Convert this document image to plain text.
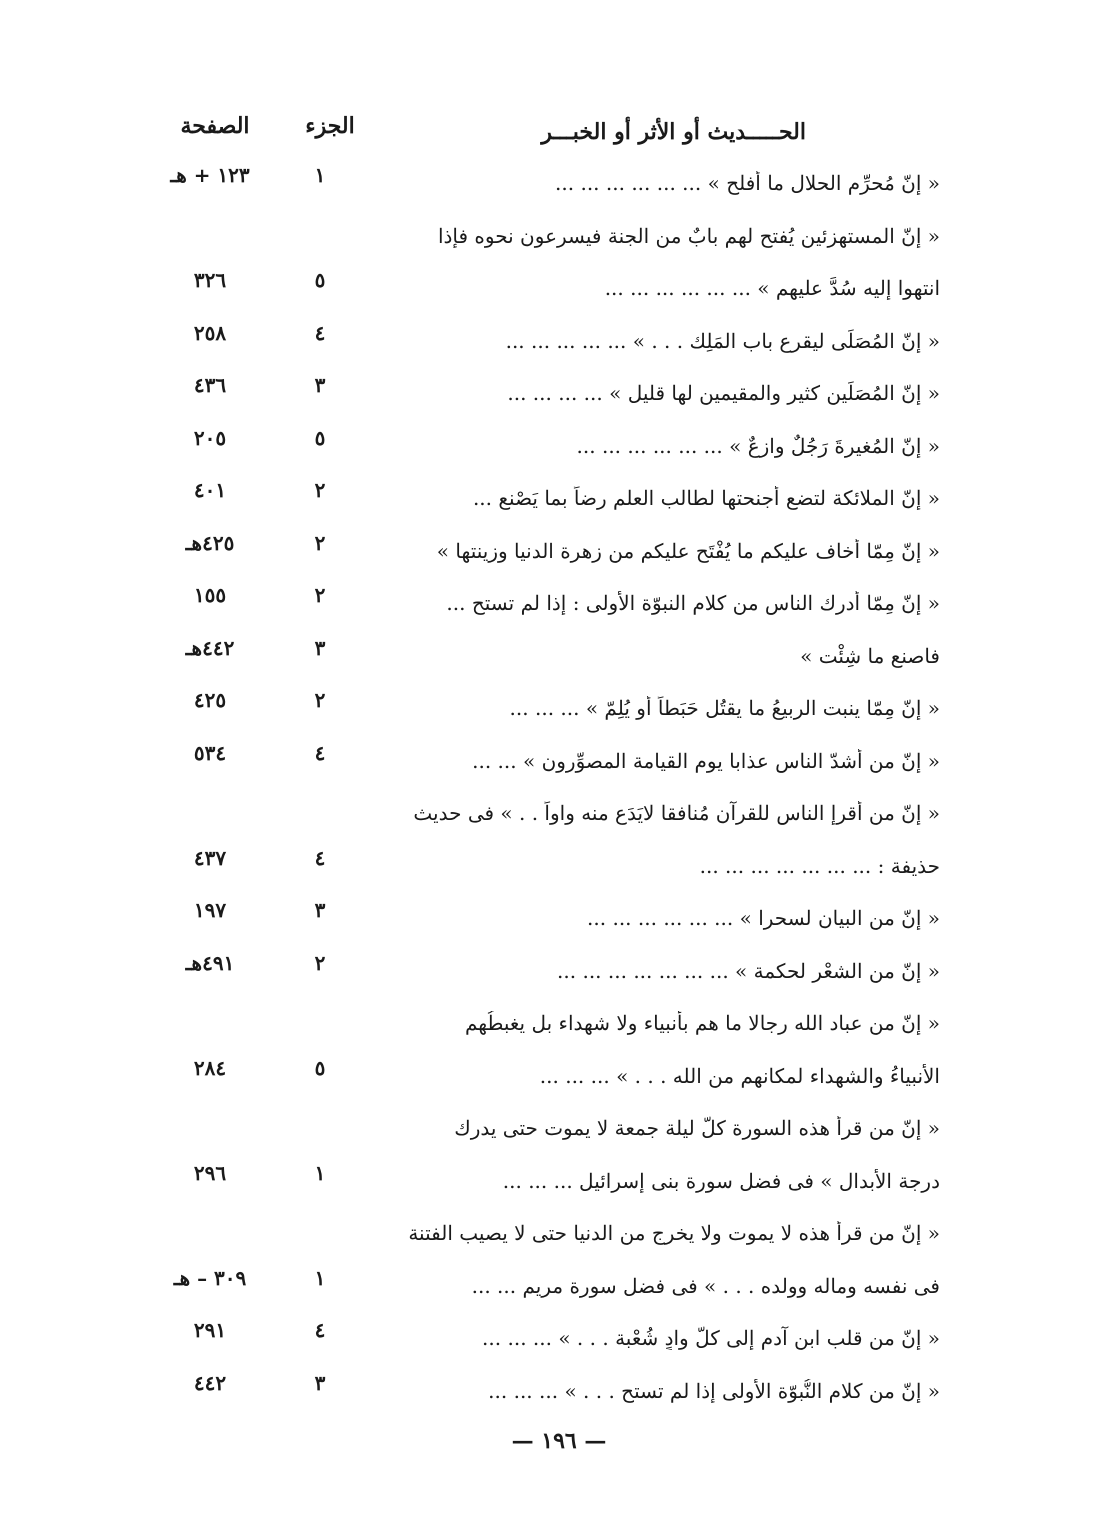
الحـــــديث أو الأثر أو الخبـــر
الجزء
الصفحة
« إنّ مُحرِّم الحلال ما أفلح » ... ... ... ... ... ...
١
١٢٣ + هـ
« إنّ المستهزئين يُفتح لهم بابٌ من الجنة فيسرعون نحوه فإذا
انتهوا إليه سُدَّ عليهم » ... ... ... ... ... ...
٥
٣٢٦
« إنّ المُصَلِّى ليقرع باب المَلِك . . . » ... ... ... ... ...
٤
٢٥٨
« إنّ المُصَلِّين كثير والمقيمين لها قليل » ... ... ... ...
٣
٤٣٦
« إنّ المُغيرةَ رَجُلٌ وازِعٌ » ... ... ... ... ... ...
٥
٢٠٥
« إنّ الملائكة لتضع أجنحتها لطالب العلم رِضاً بما يَصْنع ...
٢
٤٠١
« إنّ مِمّا أخاف عليكم ما يُفْتَح عليكم من زهرة الدنيا وزينتها »
٢
٤٢٥هـ
« إنّ مِمّا أدرك الناس من كلام النبوّة الأولى : إذا لم تستح ...
٢
١٥٥
فاصنع ما شِئْت »
٣
٤٤٢هـ
« إنّ مِمّا ينبت الربيعُ ما يقتُل حَبَطاً أو يُلِمّ » ... ... ...
٢
٤٢٥
« إنّ من أشدّ الناس عذابا يوم القيامة المصوِّرون » ... ...
٤
٥٣٤
« إنّ من أقرإ الناس للقرآن مُنافقا لايَدَع منه واواً . . » فى حديث
حذيفة : ... ... ... ... ... ... ...
٤
٤٣٧
« إنّ من البيان لسحرا » ... ... ... ... ... ...
٣
١٩٧
« إنّ من الشعْر لحكمة » ... ... ... ... ... ... ...
٢
٤٩١هـ
« إنّ من عباد الله رجالا ما هم بأنبياء ولا شهداء بل يغبطُهم
الأنبياءُ والشهداء لمكانهم من الله . . . » ... ... ...
٥
٢٨٤
« إنّ من قرأ هذه السورة كلّ ليلة جمعة لا يموت حتى يدرك
درجة الأبدال » فى فضل سورة بنى إسرائيل ... ... ...
١
٢٩٦
« إنّ من قرأ هذه لا يموت ولا يخرج من الدنيا حتى لا يصيب الفتنة
فى نفسه وماله وولده . . . » فى فضل سورة مريم ... ...
١
٣٠٩ – هـ
« إنّ من قلب ابن آدم إلى كلّ وادٍ شُعْبة . . . » ... ... ...
٤
٢٩١
« إنّ من كلام النُّبوّة الأُولى إذا لم تستح . . . » ... ... ...
٣
٤٤٢
— ١٩٦ —
